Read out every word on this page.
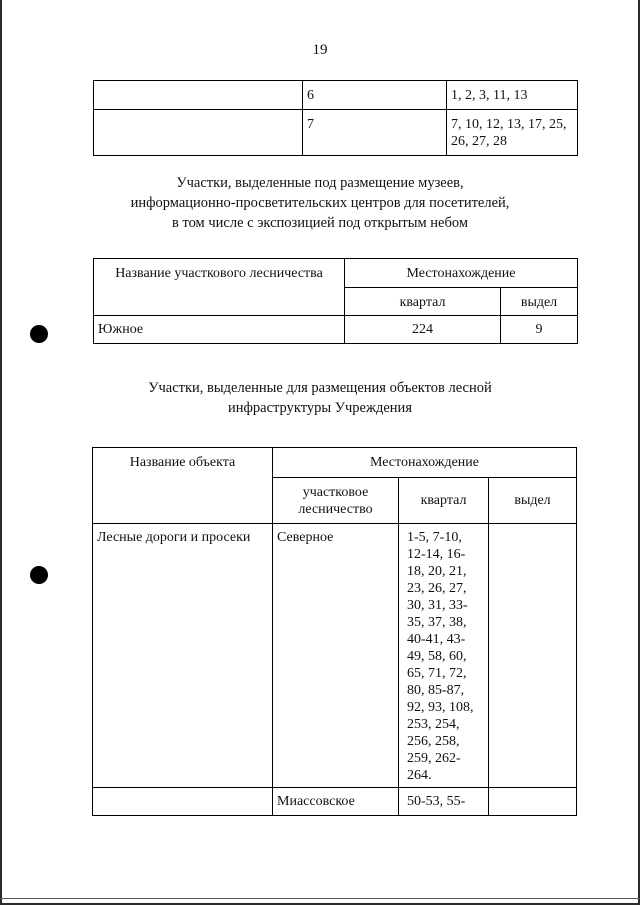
19
	6	1, 2, 3, 11, 13
	7	7, 10, 12, 13, 17, 25, 26, 27, 28
Участки, выделенные под размещение музеев,
информационно-просветительских центров для посетителей,
в том числе с экспозицией под открытым небом
Название участкового лесничества	Местонахождение	
	квартал	выдел
Южное	224	9
Участки, выделенные для размещения объектов лесной
инфраструктуры Учреждения
Название объекта	Местонахождение		
	участковое лесничество	квартал	выдел
Лесные дороги и просеки	Северное	1-5, 7-10, 12-14, 16-18, 20, 21, 23, 26, 27, 30, 31, 33-35, 37, 38, 40-41, 43-49, 58, 60, 65, 71, 72, 80, 85-87, 92, 93, 108, 253, 254, 256, 258, 259, 262-264.	
	Миассовское	50-53, 55-	
